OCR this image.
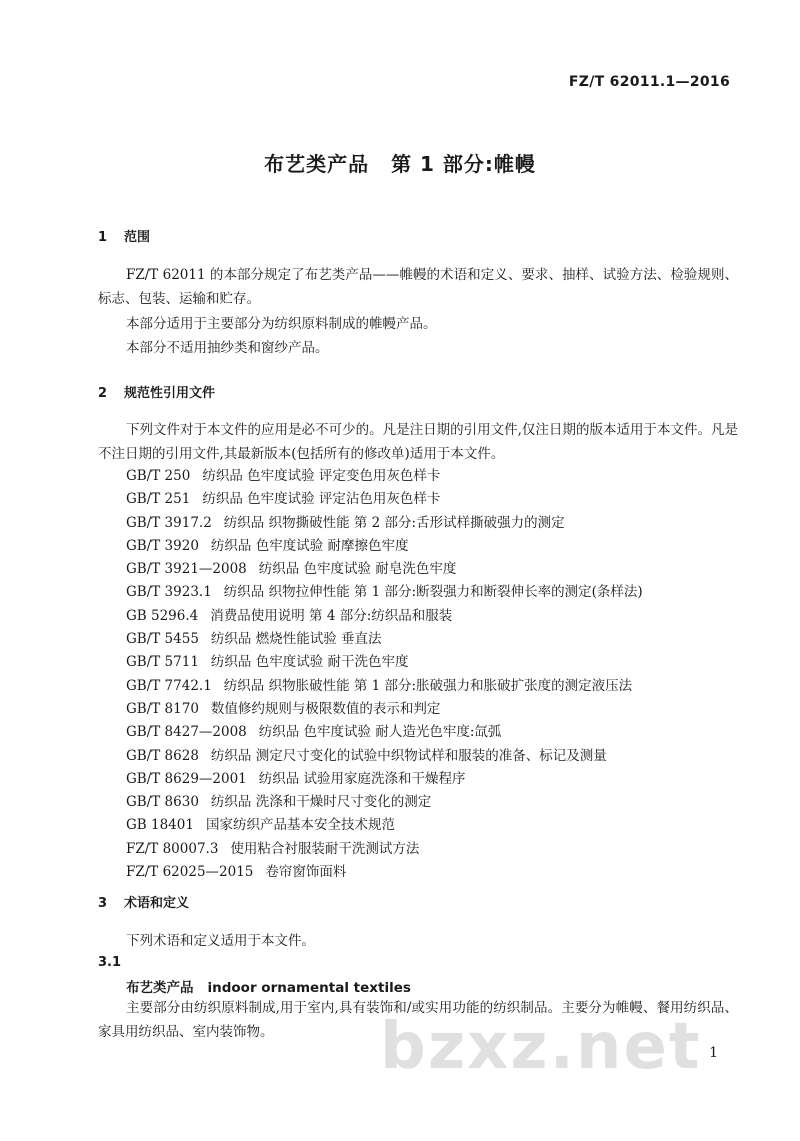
FZ/T 62011.1—2016
布艺类产品 第 1 部分:帷幔
1 范围

FZ/T 62011 的本部分规定了布艺类产品——帷幔的术语和定义、要求、抽样、试验方法、检验规则、标志、包装、运输和贮存。

本部分适用于主要部分为纺织原料制成的帷幔产品。

本部分不适用抽纱类和窗纱产品。

2 规范性引用文件

下列文件对于本文件的应用是必不可少的。凡是注日期的引用文件,仅注日期的版本适用于本文件。凡是不注日期的引用文件,其最新版本(包括所有的修改单)适用于本文件。

GB/T 250 纺织品 色牢度试验 评定变色用灰色样卡
GB/T 251 纺织品 色牢度试验 评定沾色用灰色样卡
GB/T 3917.2 纺织品 织物撕破性能 第 2 部分:舌形试样撕破强力的测定
GB/T 3920 纺织品 色牢度试验 耐摩擦色牢度
GB/T 3921—2008 纺织品 色牢度试验 耐皂洗色牢度
GB/T 3923.1 纺织品 织物拉伸性能 第 1 部分:断裂强力和断裂伸长率的测定(条样法)
GB 5296.4 消费品使用说明 第 4 部分:纺织品和服装
GB/T 5455 纺织品 燃烧性能试验 垂直法
GB/T 5711 纺织品 色牢度试验 耐干洗色牢度
GB/T 7742.1 纺织品 织物胀破性能 第 1 部分:胀破强力和胀破扩张度的测定液压法
GB/T 8170 数值修约规则与极限数值的表示和判定
GB/T 8427—2008 纺织品 色牢度试验 耐人造光色牢度:氙弧
GB/T 8628 纺织品 测定尺寸变化的试验中织物试样和服装的准备、标记及测量
GB/T 8629—2001 纺织品 试验用家庭洗涤和干燥程序
GB/T 8630 纺织品 洗涤和干燥时尺寸变化的测定
GB 18401 国家纺织产品基本安全技术规范
FZ/T 80007.3 使用粘合衬服装耐干洗测试方法
FZ/T 62025—2015 卷帘窗饰面料
3 术语和定义

下列术语和定义适用于本文件。

3.1
布艺类产品 indoor ornamental textiles

主要部分由纺织原料制成,用于室内,具有装饰和/或实用功能的纺织制品。主要分为帷幔、餐用纺织品、家具用纺织品、室内装饰物。	bzxz.net 1
